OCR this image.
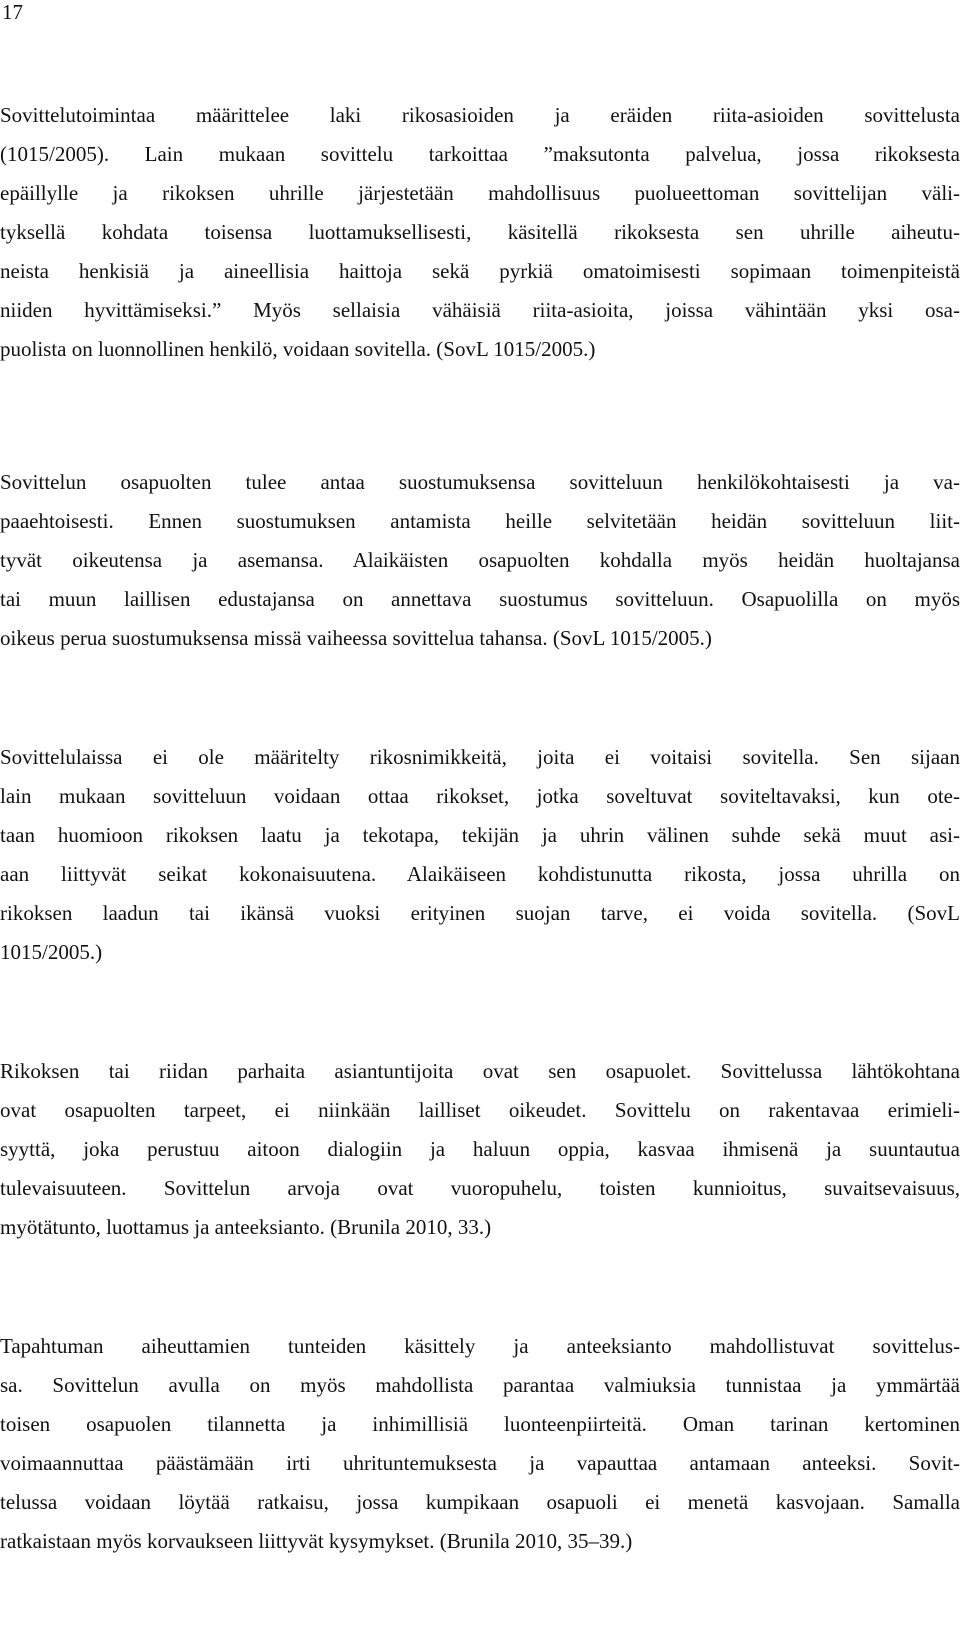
17
Sovittelutoimintaa määrittelee laki rikosasioiden ja eräiden riita-asioiden sovittelusta
(1015/2005). Lain mukaan sovittelu tarkoittaa ”maksutonta palvelua, jossa rikoksesta
epäillylle ja rikoksen uhrille järjestetään mahdollisuus puolueettoman sovittelijan väli-
tyksellä kohdata toisensa luottamuksellisesti, käsitellä rikoksesta sen uhrille aiheutu-
neista henkisiä ja aineellisia haittoja sekä pyrkiä omatoimisesti sopimaan toimenpiteistä
niiden hyvittämiseksi.” Myös sellaisia vähäisiä riita-asioita, joissa vähintään yksi osa-
puolista on luonnollinen henkilö, voidaan sovitella. (SovL 1015/2005.)
Sovittelun osapuolten tulee antaa suostumuksensa sovitteluun henkilökohtaisesti ja va-
paaehtoisesti. Ennen suostumuksen antamista heille selvitetään heidän sovitteluun liit-
tyvät oikeutensa ja asemansa. Alaikäisten osapuolten kohdalla myös heidän huoltajansa
tai muun laillisen edustajansa on annettava suostumus sovitteluun. Osapuolilla on myös
oikeus perua suostumuksensa missä vaiheessa sovittelua tahansa. (SovL 1015/2005.)
Sovittelulaissa ei ole määritelty rikosnimikkeitä, joita ei voitaisi sovitella. Sen sijaan
lain mukaan sovitteluun voidaan ottaa rikokset, jotka soveltuvat soviteltavaksi, kun ote-
taan huomioon rikoksen laatu ja tekotapa, tekijän ja uhrin välinen suhde sekä muut asi-
aan liittyvät seikat kokonaisuutena. Alaikäiseen kohdistunutta rikosta, jossa uhrilla on
rikoksen laadun tai ikänsä vuoksi erityinen suojan tarve, ei voida sovitella. (SovL
1015/2005.)
Rikoksen tai riidan parhaita asiantuntijoita ovat sen osapuolet. Sovittelussa lähtökohtana
ovat osapuolten tarpeet, ei niinkään lailliset oikeudet. Sovittelu on rakentavaa erimieli-
syyttä, joka perustuu aitoon dialogiin ja haluun oppia, kasvaa ihmisenä ja suuntautua
tulevaisuuteen. Sovittelun arvoja ovat vuoropuhelu, toisten kunnioitus, suvaitsevaisuus,
myötätunto, luottamus ja anteeksianto. (Brunila 2010, 33.)
Tapahtuman aiheuttamien tunteiden käsittely ja anteeksianto mahdollistuvat sovittelus-
sa. Sovittelun avulla on myös mahdollista parantaa valmiuksia tunnistaa ja ymmärtää
toisen osapuolen tilannetta ja inhimillisiä luonteenpiirteitä. Oman tarinan kertominen
voimaannuttaa päästämään irti uhrituntemuksesta ja vapauttaa antamaan anteeksi. Sovit-
telussa voidaan löytää ratkaisu, jossa kumpikaan osapuoli ei menetä kasvojaan. Samalla
ratkaistaan myös korvaukseen liittyvät kysymykset. (Brunila 2010, 35–39.)
